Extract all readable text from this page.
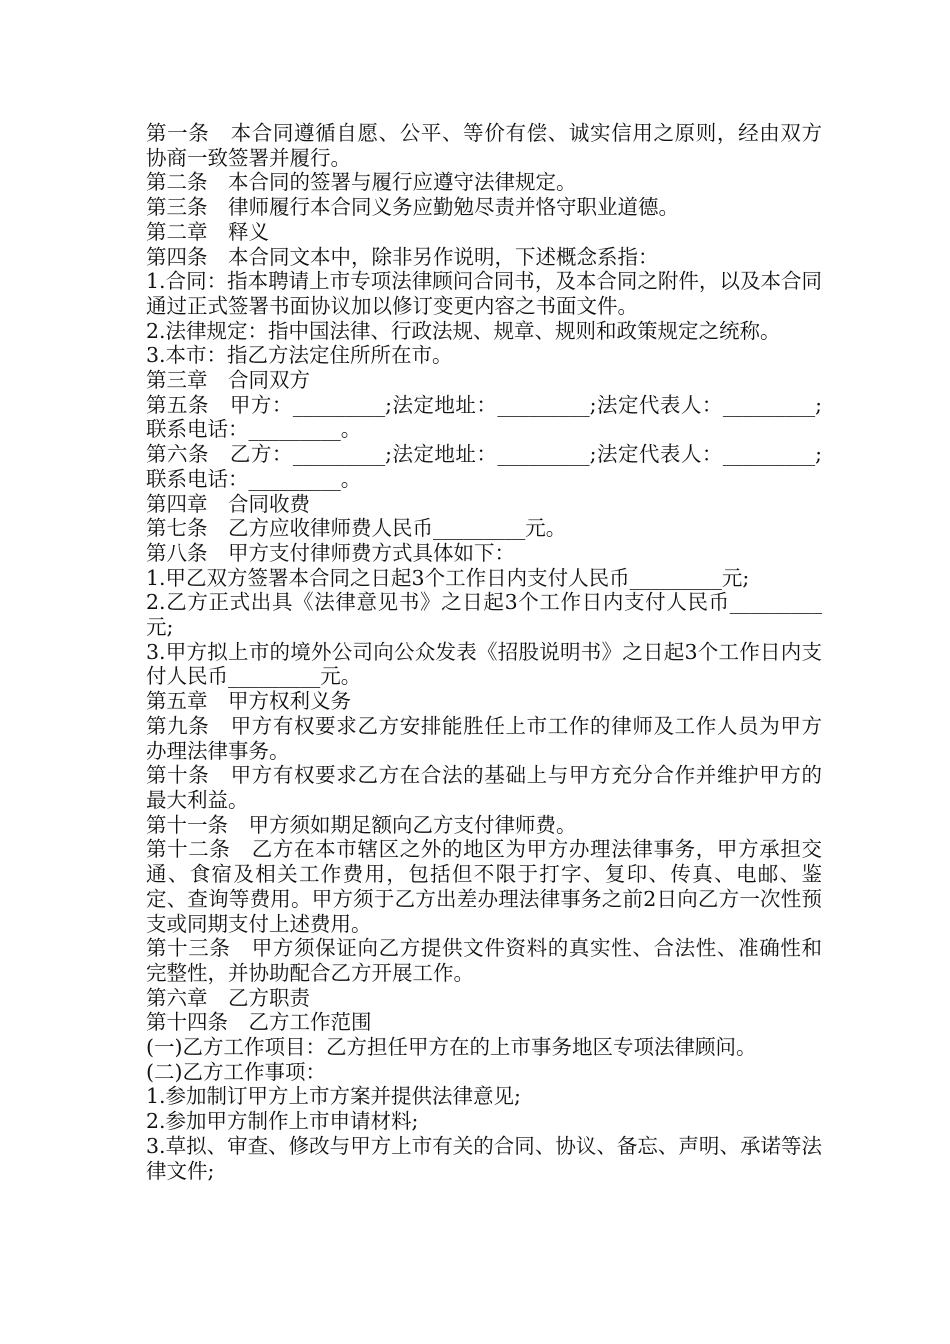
第一条　本合同遵循自愿、公平、等价有偿、诚实信用之原则，经由双方协商一致签署并履行。

第二条　本合同的签署与履行应遵守法律规定。

第三条　律师履行本合同义务应勤勉尽责并恪守职业道德。

第二章　释义

第四条　本合同文本中，除非另作说明，下述概念系指：

1.合同：指本聘请上市专项法律顾问合同书，及本合同之附件，以及本合同通过正式签署书面协议加以修订变更内容之书面文件。

2.法律规定：指中国法律、行政法规、规章、规则和政策规定之统称。

3.本市：指乙方法定住所所在市。

第三章　合同双方

第五条　甲方：_________;法定地址：_________;法定代表人：_________;联系电话：_________。

第六条　乙方：_________;法定地址：_________;法定代表人：_________;联系电话：_________。

第四章　合同收费

第七条　乙方应收律师费人民币_________元。

第八条　甲方支付律师费方式具体如下：

1.甲乙双方签署本合同之日起3个工作日内支付人民币_________元;

2.乙方正式出具《法律意见书》之日起3个工作日内支付人民币_________元;

3.甲方拟上市的境外公司向公众发表《招股说明书》之日起3个工作日内支付人民币_________元。

第五章　甲方权利义务

第九条　甲方有权要求乙方安排能胜任上市工作的律师及工作人员为甲方办理法律事务。

第十条　甲方有权要求乙方在合法的基础上与甲方充分合作并维护甲方的最大利益。

第十一条　甲方须如期足额向乙方支付律师费。

第十二条　乙方在本市辖区之外的地区为甲方办理法律事务，甲方承担交通、食宿及相关工作费用，包括但不限于打字、复印、传真、电邮、鉴定、查询等费用。甲方须于乙方出差办理法律事务之前2日向乙方一次性预支或同期支付上述费用。

第十三条　甲方须保证向乙方提供文件资料的真实性、合法性、准确性和完整性，并协助配合乙方开展工作。

第六章　乙方职责

第十四条　乙方工作范围

(一)乙方工作项目：乙方担任甲方在的上市事务地区专项法律顾问。

(二)乙方工作事项：

1.参加制订甲方上市方案并提供法律意见;

2.参加甲方制作上市申请材料;

3.草拟、审查、修改与甲方上市有关的合同、协议、备忘、声明、承诺等法律文件;
